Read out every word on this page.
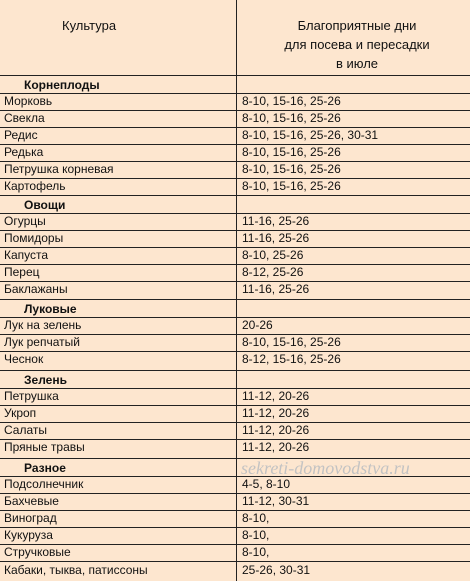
Культура	Благоприятные дни
для посева и пересадки
в июле
Корнеплоды
Морковь	8-10, 15-16, 25-26
Свекла	8-10, 15-16, 25-26
Редис	8-10, 15-16, 25-26, 30-31
Редька	8-10, 15-16, 25-26
Петрушка корневая	8-10, 15-16, 25-26
Картофель	8-10, 15-16, 25-26
Овощи
Огурцы	11-16, 25-26
Помидоры	11-16, 25-26
Капуста	8-10, 25-26
Перец	8-12, 25-26
Баклажаны	11-16, 25-26
Луковые
Лук на зелень	20-26
Лук репчатый	8-10, 15-16, 25-26
Чеснок	8-12, 15-16, 25-26
Зелень
Петрушка	11-12, 20-26
Укроп	11-12, 20-26
Салаты	11-12, 20-26
Пряные травы	11-12, 20-26
Разное
Подсолнечник	4-5, 8-10
Бахчевые	11-12, 30-31
Виноград	8-10,
Кукуруза	8-10,
Стручковые	8-10,
Кабаки, тыква, патиссоны	25-26, 30-31
sekreti-domovodstva.ru
